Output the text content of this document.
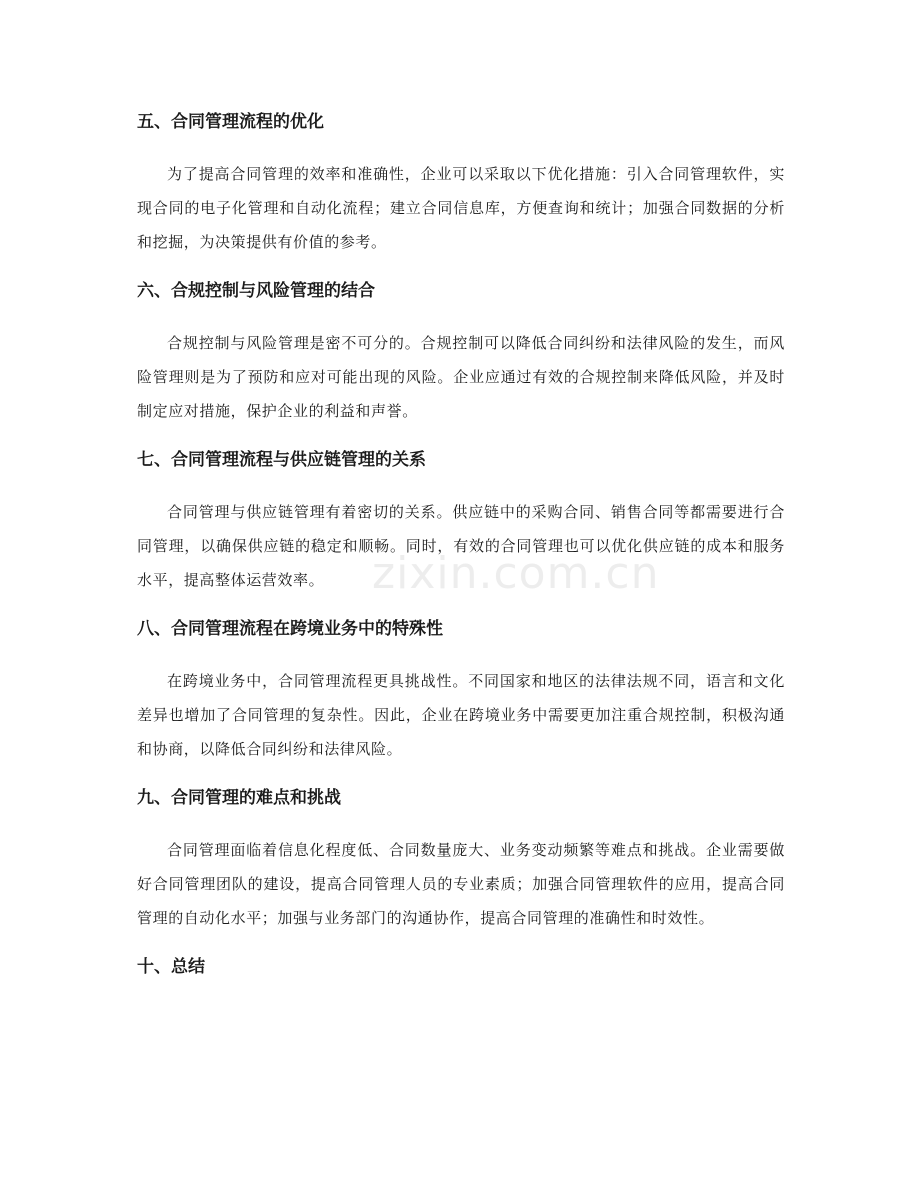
五、合同管理流程的优化

为了提高合同管理的效率和准确性，企业可以采取以下优化措施：引入合同管理软件，实现合同的电子化管理和自动化流程；建立合同信息库，方便查询和统计；加强合同数据的分析和挖掘，为决策提供有价值的参考。

六、合规控制与风险管理的结合

合规控制与风险管理是密不可分的。合规控制可以降低合同纠纷和法律风险的发生，而风险管理则是为了预防和应对可能出现的风险。企业应通过有效的合规控制来降低风险，并及时制定应对措施，保护企业的利益和声誉。

七、合同管理流程与供应链管理的关系

合同管理与供应链管理有着密切的关系。供应链中的采购合同、销售合同等都需要进行合同管理，以确保供应链的稳定和顺畅。同时，有效的合同管理也可以优化供应链的成本和服务水平，提高整体运营效率。

八、合同管理流程在跨境业务中的特殊性

在跨境业务中，合同管理流程更具挑战性。不同国家和地区的法律法规不同，语言和文化差异也增加了合同管理的复杂性。因此，企业在跨境业务中需要更加注重合规控制，积极沟通和协商，以降低合同纠纷和法律风险。

九、合同管理的难点和挑战

合同管理面临着信息化程度低、合同数量庞大、业务变动频繁等难点和挑战。企业需要做好合同管理团队的建设，提高合同管理人员的专业素质；加强合同管理软件的应用，提高合同管理的自动化水平；加强与业务部门的沟通协作，提高合同管理的准确性和时效性。

十、总结
zixin.com.cn
